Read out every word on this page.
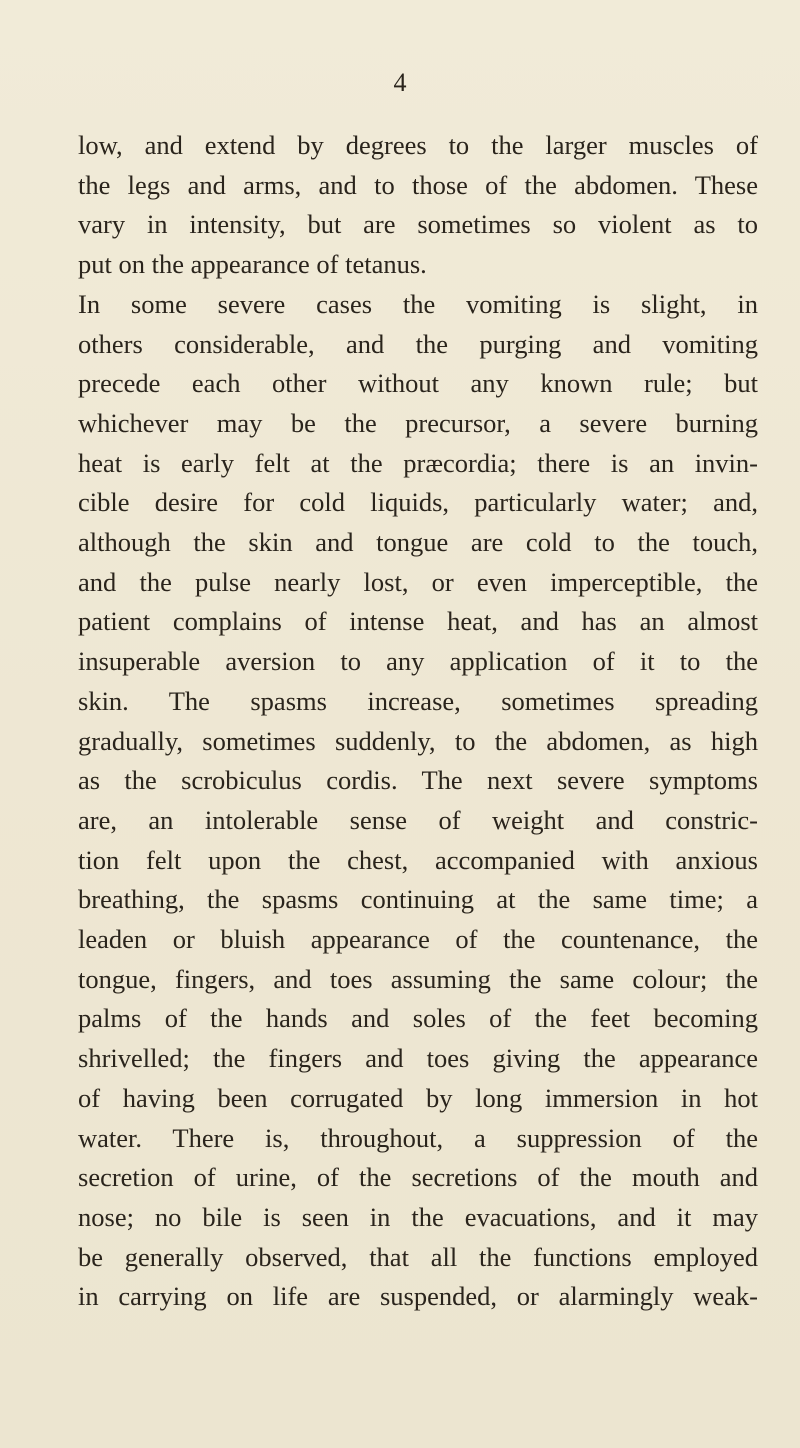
4

low, and extend by degrees to the larger muscles of
the legs and arms, and to those of the abdomen. These
vary in intensity, but are sometimes so violent as to
put on the appearance of tetanus.
In some severe cases the vomiting is slight, in
others considerable, and the purging and vomiting
precede each other without any known rule; but
whichever may be the precursor, a severe burning
heat is early felt at the præcordia; there is an invin-
cible desire for cold liquids, particularly water; and,
although the skin and tongue are cold to the touch,
and the pulse nearly lost, or even imperceptible, the
patient complains of intense heat, and has an almost
insuperable aversion to any application of it to the
skin. The spasms increase, sometimes spreading
gradually, sometimes suddenly, to the abdomen, as high
as the scrobiculus cordis. The next severe symptoms
are, an intolerable sense of weight and constric-
tion felt upon the chest, accompanied with anxious
breathing, the spasms continuing at the same time; a
leaden or bluish appearance of the countenance, the
tongue, fingers, and toes assuming the same colour; the
palms of the hands and soles of the feet becoming
shrivelled; the fingers and toes giving the appearance
of having been corrugated by long immersion in hot
water. There is, throughout, a suppression of the
secretion of urine, of the secretions of the mouth and
nose; no bile is seen in the evacuations, and it may
be generally observed, that all the functions employed
in carrying on life are suspended, or alarmingly weak-
